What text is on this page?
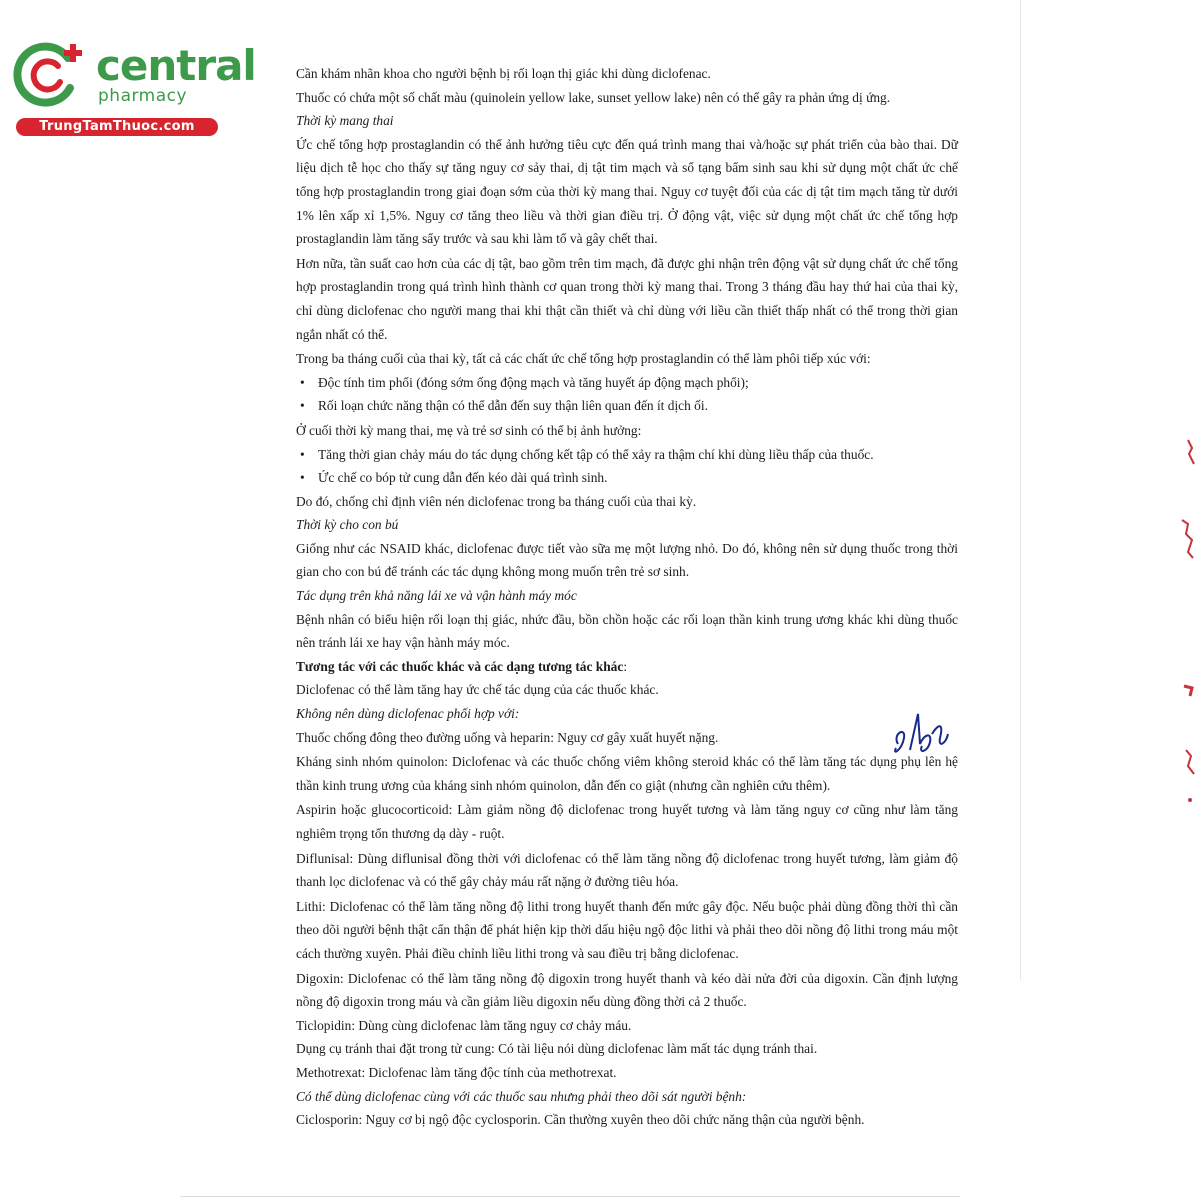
central
pharmacy
TrungTamThuoc.com

Cần khám nhãn khoa cho người bệnh bị rối loạn thị giác khi dùng diclofenac.

Thuốc có chứa một số chất màu (quinolein yellow lake, sunset yellow lake) nên có thể gây ra phản ứng dị ứng.

Thời kỳ mang thai

Ức chế tổng hợp prostaglandin có thể ảnh hưởng tiêu cực đến quá trình mang thai và/hoặc sự phát triển của bào thai. Dữ liệu dịch tễ học cho thấy sự tăng nguy cơ sảy thai, dị tật tim mạch và sổ tạng bẩm sinh sau khi sử dụng một chất ức chế tổng hợp prostaglandin trong giai đoạn sớm của thời kỳ mang thai. Nguy cơ tuyệt đối của các dị tật tim mạch tăng từ dưới 1% lên xấp xỉ 1,5%. Nguy cơ tăng theo liều và thời gian điều trị. Ở động vật, việc sử dụng một chất ức chế tổng hợp prostaglandin làm tăng sẩy trước và sau khi làm tổ và gây chết thai.

Hơn nữa, tần suất cao hơn của các dị tật, bao gồm trên tim mạch, đã được ghi nhận trên động vật sử dụng chất ức chế tổng hợp prostaglandin trong quá trình hình thành cơ quan trong thời kỳ mang thai. Trong 3 tháng đầu hay thứ hai của thai kỳ, chỉ dùng diclofenac cho người mang thai khi thật cần thiết và chỉ dùng với liều cần thiết thấp nhất có thể trong thời gian ngắn nhất có thể.

Trong ba tháng cuối của thai kỳ, tất cả các chất ức chế tổng hợp prostaglandin có thể làm phôi tiếp xúc với:

• Độc tính tim phổi (đóng sớm ống động mạch và tăng huyết áp động mạch phổi);

• Rối loạn chức năng thận có thể dẫn đến suy thận liên quan đến ít dịch ối.

Ở cuối thời kỳ mang thai, mẹ và trẻ sơ sinh có thể bị ảnh hưởng:

• Tăng thời gian chảy máu do tác dụng chống kết tập có thể xảy ra thậm chí khi dùng liều thấp của thuốc.

• Ức chế co bóp tử cung dẫn đến kéo dài quá trình sinh.

Do đó, chống chỉ định viên nén diclofenac trong ba tháng cuối của thai kỳ.

Thời kỳ cho con bú

Giống như các NSAID khác, diclofenac được tiết vào sữa mẹ một lượng nhỏ. Do đó, không nên sử dụng thuốc trong thời gian cho con bú để tránh các tác dụng không mong muốn trên trẻ sơ sinh.

Tác dụng trên khả năng lái xe và vận hành máy móc

Bệnh nhân có biểu hiện rối loạn thị giác, nhức đầu, bồn chồn hoặc các rối loạn thần kinh trung ương khác khi dùng thuốc nên tránh lái xe hay vận hành máy móc.

Tương tác với các thuốc khác và các dạng tương tác khác:

Diclofenac có thể làm tăng hay ức chế tác dụng của các thuốc khác.

Không nên dùng diclofenac phối hợp với:

Thuốc chống đông theo đường uống và heparin: Nguy cơ gây xuất huyết nặng.

Kháng sinh nhóm quinolon: Diclofenac và các thuốc chống viêm không steroid khác có thể làm tăng tác dụng phụ lên hệ thần kinh trung ương của kháng sinh nhóm quinolon, dẫn đến co giật (nhưng cần nghiên cứu thêm).

Aspirin hoặc glucocorticoid: Làm giảm nồng độ diclofenac trong huyết tương và làm tăng nguy cơ cũng như làm tăng nghiêm trọng tổn thương dạ dày - ruột.

Diflunisal: Dùng diflunisal đồng thời với diclofenac có thể làm tăng nồng độ diclofenac trong huyết tương, làm giảm độ thanh lọc diclofenac và có thể gây chảy máu rất nặng ở đường tiêu hóa.

Lithi: Diclofenac có thể làm tăng nồng độ lithi trong huyết thanh đến mức gây độc. Nếu buộc phải dùng đồng thời thì cần theo dõi người bệnh thật cẩn thận để phát hiện kịp thời dấu hiệu ngộ độc lithi và phải theo dõi nồng độ lithi trong máu một cách thường xuyên. Phải điều chỉnh liều lithi trong và sau điều trị bằng diclofenac.

Digoxin: Diclofenac có thể làm tăng nồng độ digoxin trong huyết thanh và kéo dài nửa đời của digoxin. Cần định lượng nồng độ digoxin trong máu và cần giảm liều digoxin nếu dùng đồng thời cả 2 thuốc.

Ticlopidin: Dùng cùng diclofenac làm tăng nguy cơ chảy máu.

Dụng cụ tránh thai đặt trong tử cung: Có tài liệu nói dùng diclofenac làm mất tác dụng tránh thai.

Methotrexat: Diclofenac làm tăng độc tính của methotrexat.

Có thể dùng diclofenac cùng với các thuốc sau nhưng phải theo dõi sát người bệnh:

Ciclosporin: Nguy cơ bị ngộ độc cyclosporin. Cần thường xuyên theo dõi chức năng thận của người bệnh.
